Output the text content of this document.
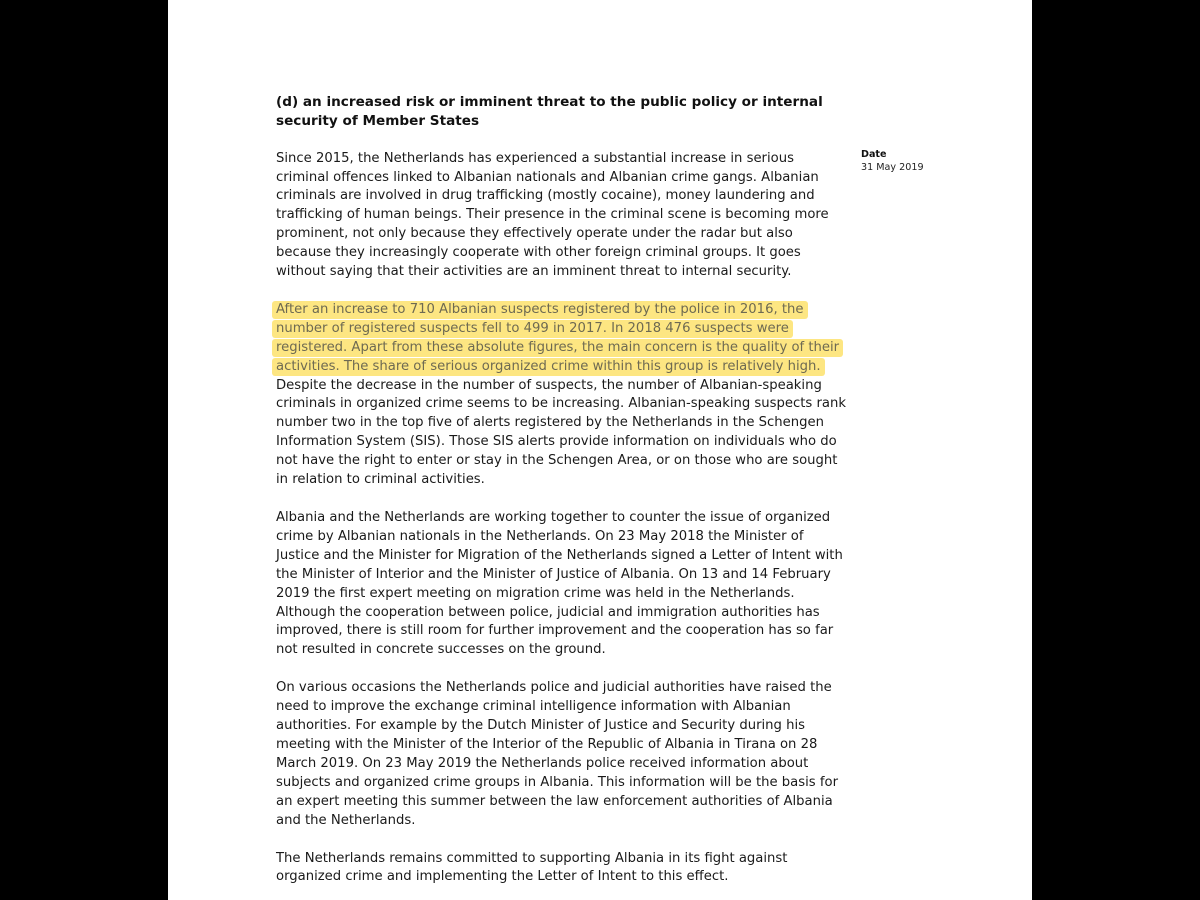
(d) an increased risk or imminent threat to the public policy or internal security of Member States

Since 2015, the Netherlands has experienced a substantial increase in serious criminal offences linked to Albanian nationals and Albanian crime gangs. Albanian criminals are involved in drug trafficking (mostly cocaine), money laundering and trafficking of human beings. Their presence in the criminal scene is becoming more prominent, not only because they effectively operate under the radar but also because they increasingly cooperate with other foreign criminal groups. It goes without saying that their activities are an imminent threat to internal security.

After an increase to 710 Albanian suspects registered by the police in 2016, the number of registered suspects fell to 499 in 2017. In 2018 476 suspects were registered. Apart from these absolute figures, the main concern is the quality of their activities. The share of serious organized crime within this group is relatively high. Despite the decrease in the number of suspects, the number of Albanian-speaking criminals in organized crime seems to be increasing. Albanian-speaking suspects rank number two in the top five of alerts registered by the Netherlands in the Schengen Information System (SIS). Those SIS alerts provide information on individuals who do not have the right to enter or stay in the Schengen Area, or on those who are sought in relation to criminal activities.

Albania and the Netherlands are working together to counter the issue of organized crime by Albanian nationals in the Netherlands. On 23 May 2018 the Minister of Justice and the Minister for Migration of the Netherlands signed a Letter of Intent with the Minister of Interior and the Minister of Justice of Albania. On 13 and 14 February 2019 the first expert meeting on migration crime was held in the Netherlands. Although the cooperation between police, judicial and immigration authorities has improved, there is still room for further improvement and the cooperation has so far not resulted in concrete successes on the ground.

On various occasions the Netherlands police and judicial authorities have raised the need to improve the exchange criminal intelligence information with Albanian authorities. For example by the Dutch Minister of Justice and Security during his meeting with the Minister of the Interior of the Republic of Albania in Tirana on 28 March 2019. On 23 May 2019 the Netherlands police received information about subjects and organized crime groups in Albania. This information will be the basis for an expert meeting this summer between the law enforcement authorities of Albania and the Netherlands.

The Netherlands remains committed to supporting Albania in its fight against organized crime and implementing the Letter of Intent to this effect.

Date
31 May 2019
